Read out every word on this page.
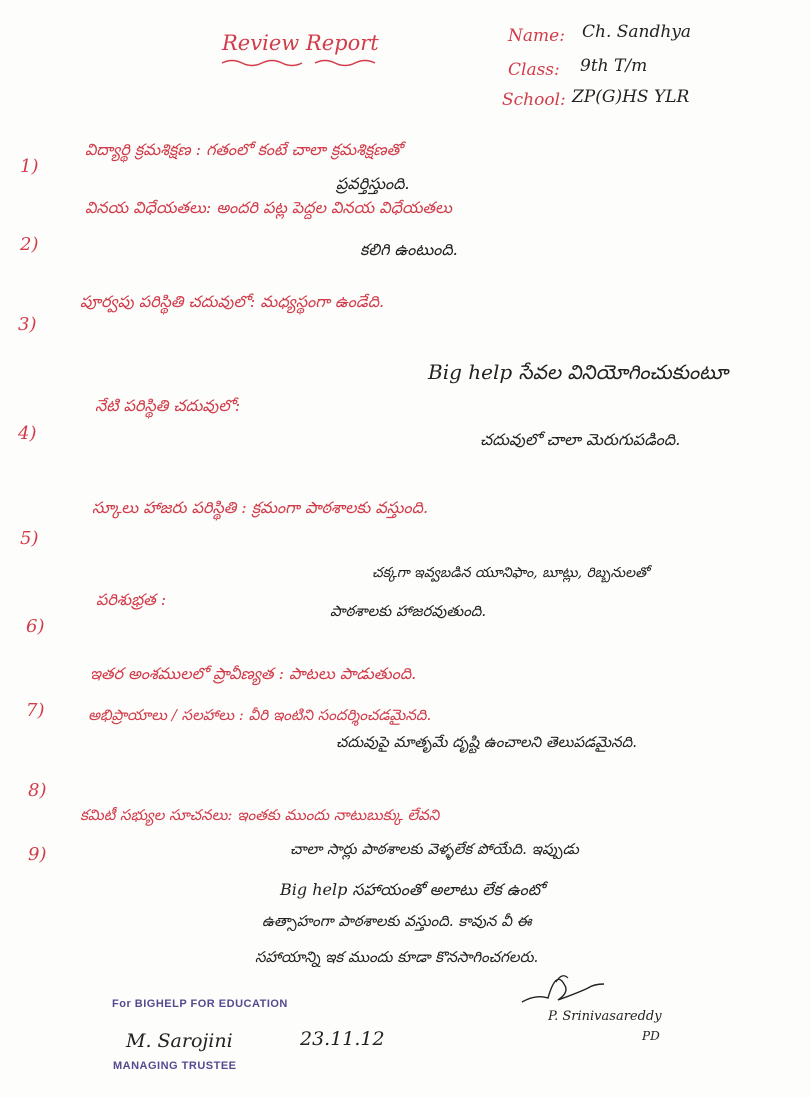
Review Report	Name: Ch. Sandhya
Class: 9th T/m
School: ZP(G)HS YLR
1)
విద్యార్థి క్రమశిక్షణ : గతంలో కంటే చాలా క్రమశిక్షణతో
ప్రవర్తిస్తుంది.
2)
వినయ విధేయతలు: అందరి పట్ల పెద్దల వినయ విధేయతలు
కలిగి ఉంటుంది.
3)
పూర్వపు పరిస్థితి చదువులో: మధ్యస్థంగా ఉండేది.
4)
నేటి పరిస్థితి చదువులో:
Big help సేవల వినియోగించుకుంటూ
చదువులో చాలా మెరుగుపడింది.
5)
స్కూలు హాజరు పరిస్థితి : క్రమంగా పాఠశాలకు వస్తుంది.
6)
పరిశుభ్రత :
చక్కగా ఇవ్వబడిన యూనిఫాం, బూట్లు, రిబ్బనులతో
పాఠశాలకు హాజరవుతుంది.
7)
ఇతర అంశములలో ప్రావీణ్యత : పాటలు పాడుతుంది.
8)
అభిప్రాయాలు / సలహాలు : వీరి ఇంటిని సందర్శించడమైనది.
చదువుపై మాతృమే దృష్టి ఉంచాలని తెలుపడమైనది.
9)
కమిటీ సభ్యుల సూచనలు: ఇంతకు ముందు నాటుబుక్కు లేవని
చాలా సార్లు పాఠశాలకు వెళ్ళలేక పోయేది. ఇప్పుడు
Big help సహాయంతో అలాటు లేక ఉంటో
ఉత్సాహంగా పాఠశాలకు వస్తుంది. కావున వీ ఈ
సహాయాన్ని ఇక ముందు కూడా కొనసాగించగలరు.
For BIGHELP FOR EDUCATION
M. Sarojini
MANAGING TRUSTEE
23.11.12
P. Srinivasareddy
PD
